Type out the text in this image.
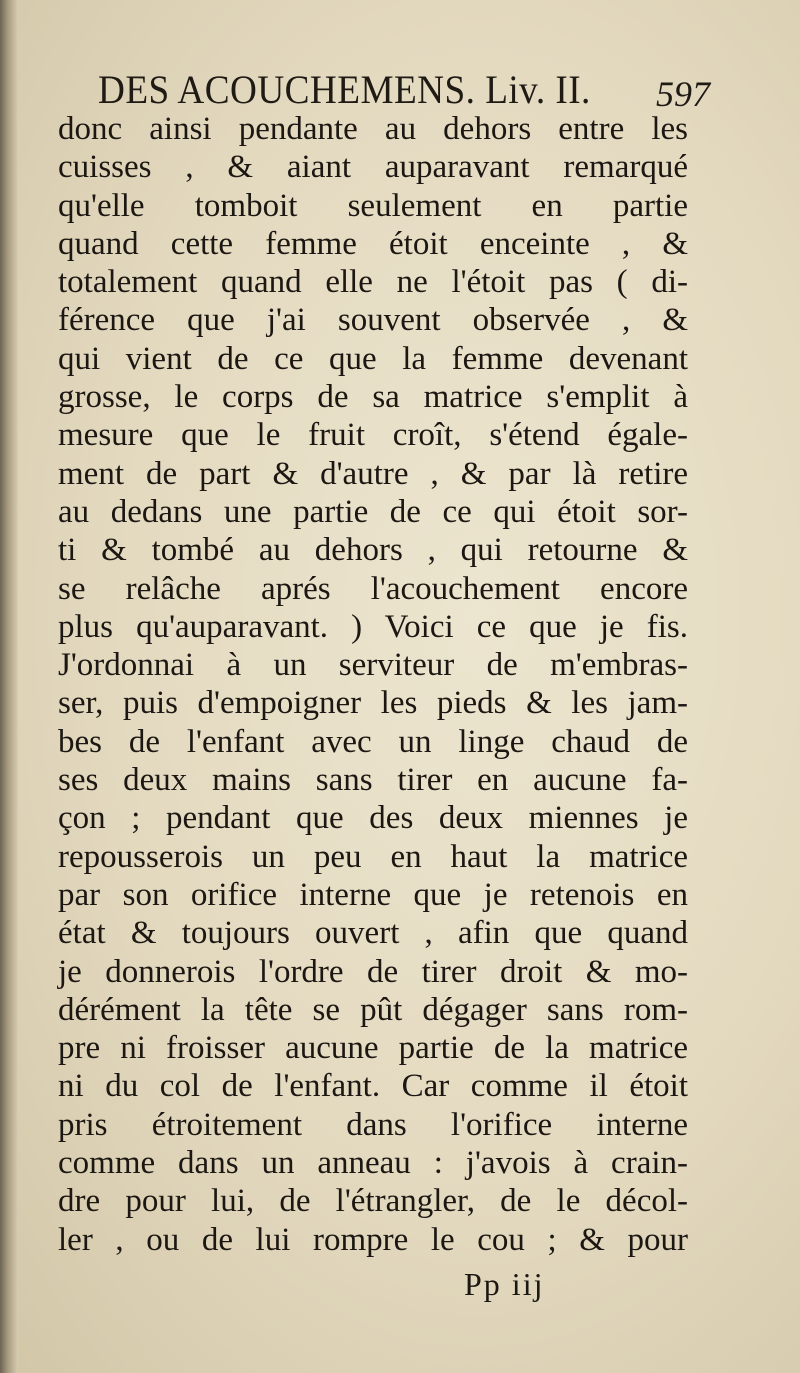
DES ACOUCHEMENS. Liv. II. 597
donc ainsi pendante au dehors entre les
cuisses , & aiant auparavant remarqué
qu'elle tomboit seulement en partie
quand cette femme étoit enceinte , &
totalement quand elle ne l'étoit pas ( di-
férence que j'ai souvent observée , &
qui vient de ce que la femme devenant
grosse, le corps de sa matrice s'emplit à
mesure que le fruit croît, s'étend égale-
ment de part & d'autre , & par là retire
au dedans une partie de ce qui étoit sor-
ti & tombé au dehors , qui retourne &
se relâche aprés l'acouchement encore
plus qu'auparavant. ) Voici ce que je fis.
J'ordonnai à un serviteur de m'embras-
ser, puis d'empoigner les pieds & les jam-
bes de l'enfant avec un linge chaud de
ses deux mains sans tirer en aucune fa-
çon ; pendant que des deux miennes je
repousserois un peu en haut la matrice
par son orifice interne que je retenois en
état & toujours ouvert , afin que quand
je donnerois l'ordre de tirer droit & mo-
dérément la tête se pût dégager sans rom-
pre ni froisser aucune partie de la matrice
ni du col de l'enfant. Car comme il étoit
pris étroitement dans l'orifice interne
comme dans un anneau : j'avois à crain-
dre pour lui, de l'étrangler, de le décol-
ler , ou de lui rompre le cou ; & pour
Pp iij
